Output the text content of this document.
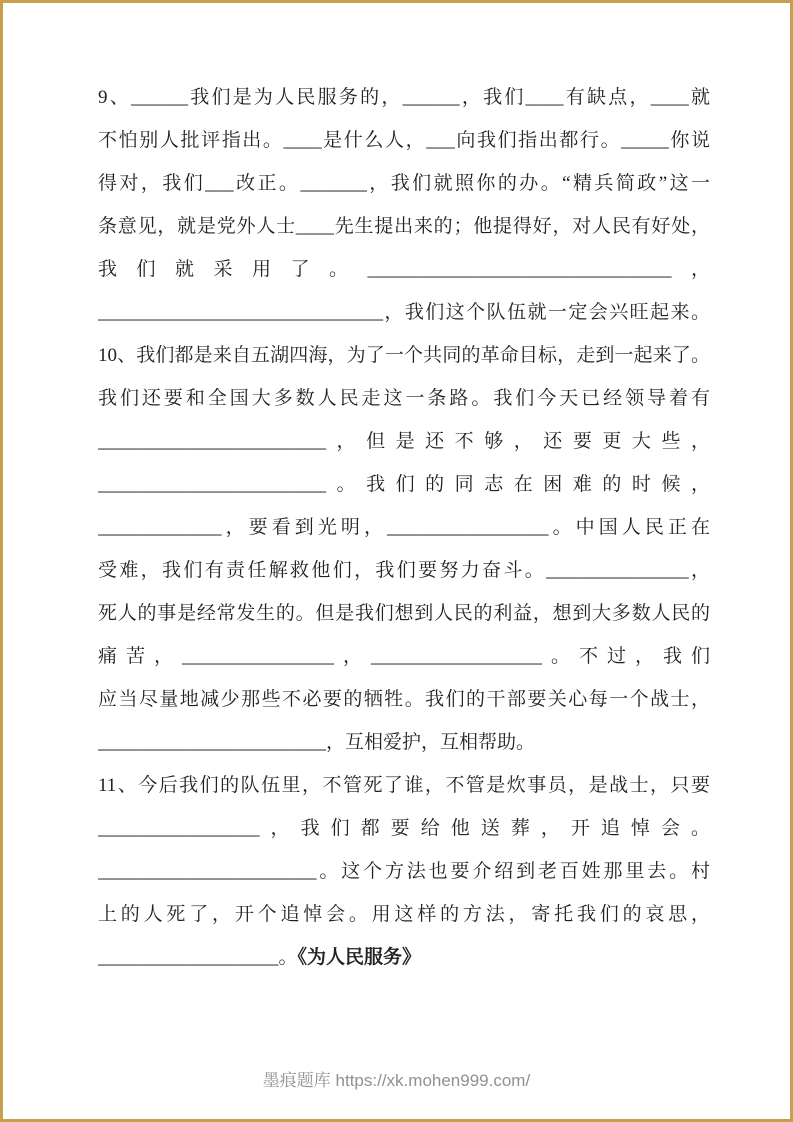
9、______我们是为人民服务的，______，我们____有缺点，____就
不怕别人批评指出。____是什么人，___向我们指出都行。_____你说
得对，我们___改正。_______，我们就照你的办。“精兵简政”这一
条意见，就是党外人士____先生提出来的；他提得好，对人民有好处，
我们就采用了。________________________________，
______________________________，我们这个队伍就一定会兴旺起来。
10、我们都是来自五湖四海，为了一个共同的革命目标，走到一起来了。
我们还要和全国大多数人民走这一条路。我们今天已经领导着有
________________________，但是还不够，还要更大些，
________________________。我们的同志在困难的时候，
_____________，要看到光明，_________________。中国人民正在
受难，我们有责任解救他们，我们要努力奋斗。_______________，
死人的事是经常发生的。但是我们想到人民的利益，想到大多数人民的
痛苦，________________，__________________。不过，我们
应当尽量地减少那些不必要的牺牲。我们的干部要关心每一个战士，
________________________，互相爱护，互相帮助。
11、今后我们的队伍里，不管死了谁，不管是炊事员，是战士，只要
_________________，我们都要给他送葬，开追悼会。
_______________________。这个方法也要介绍到老百姓那里去。村
上的人死了，开个追悼会。用这样的方法，寄托我们的哀思，
___________________。《为人民服务》
墨痕题库 https://xk.mohen999.com/
